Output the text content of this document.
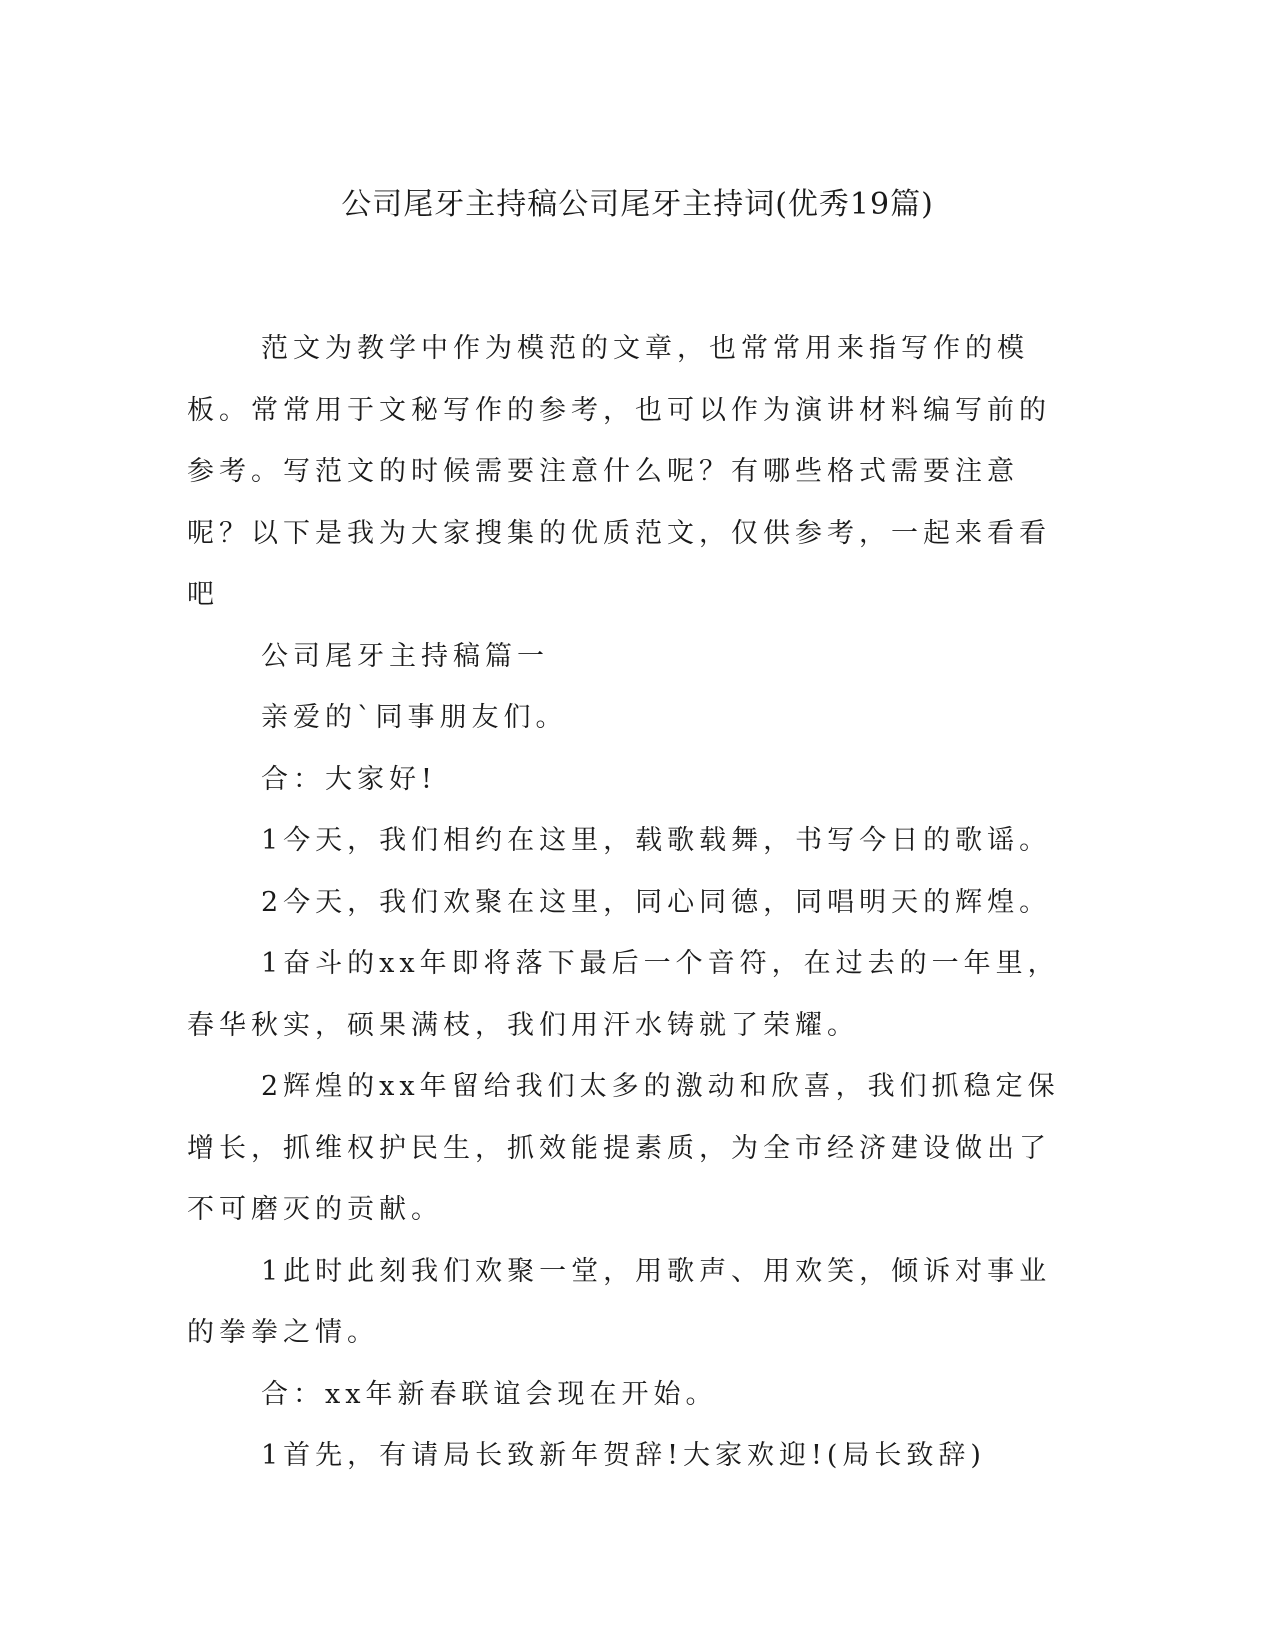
公司尾牙主持稿公司尾牙主持词(优秀19篇)

范文为教学中作为模范的文章，也常常用来指写作的模板。常常用于文秘写作的参考，也可以作为演讲材料编写前的参考。写范文的时候需要注意什么呢？有哪些格式需要注意呢？以下是我为大家搜集的优质范文，仅供参考，一起来看看吧

公司尾牙主持稿篇一

亲爱的`同事朋友们。

合：大家好!

1今天，我们相约在这里，载歌载舞，书写今日的歌谣。

2今天，我们欢聚在这里，同心同德，同唱明天的辉煌。

1奋斗的xx年即将落下最后一个音符，在过去的一年里，春华秋实，硕果满枝，我们用汗水铸就了荣耀。

2辉煌的xx年留给我们太多的激动和欣喜，我们抓稳定保增长，抓维权护民生，抓效能提素质，为全市经济建设做出了不可磨灭的贡献。

1此时此刻我们欢聚一堂，用歌声、用欢笑，倾诉对事业的拳拳之情。

合：xx年新春联谊会现在开始。

1首先，有请局长致新年贺辞!大家欢迎!(局长致辞)
